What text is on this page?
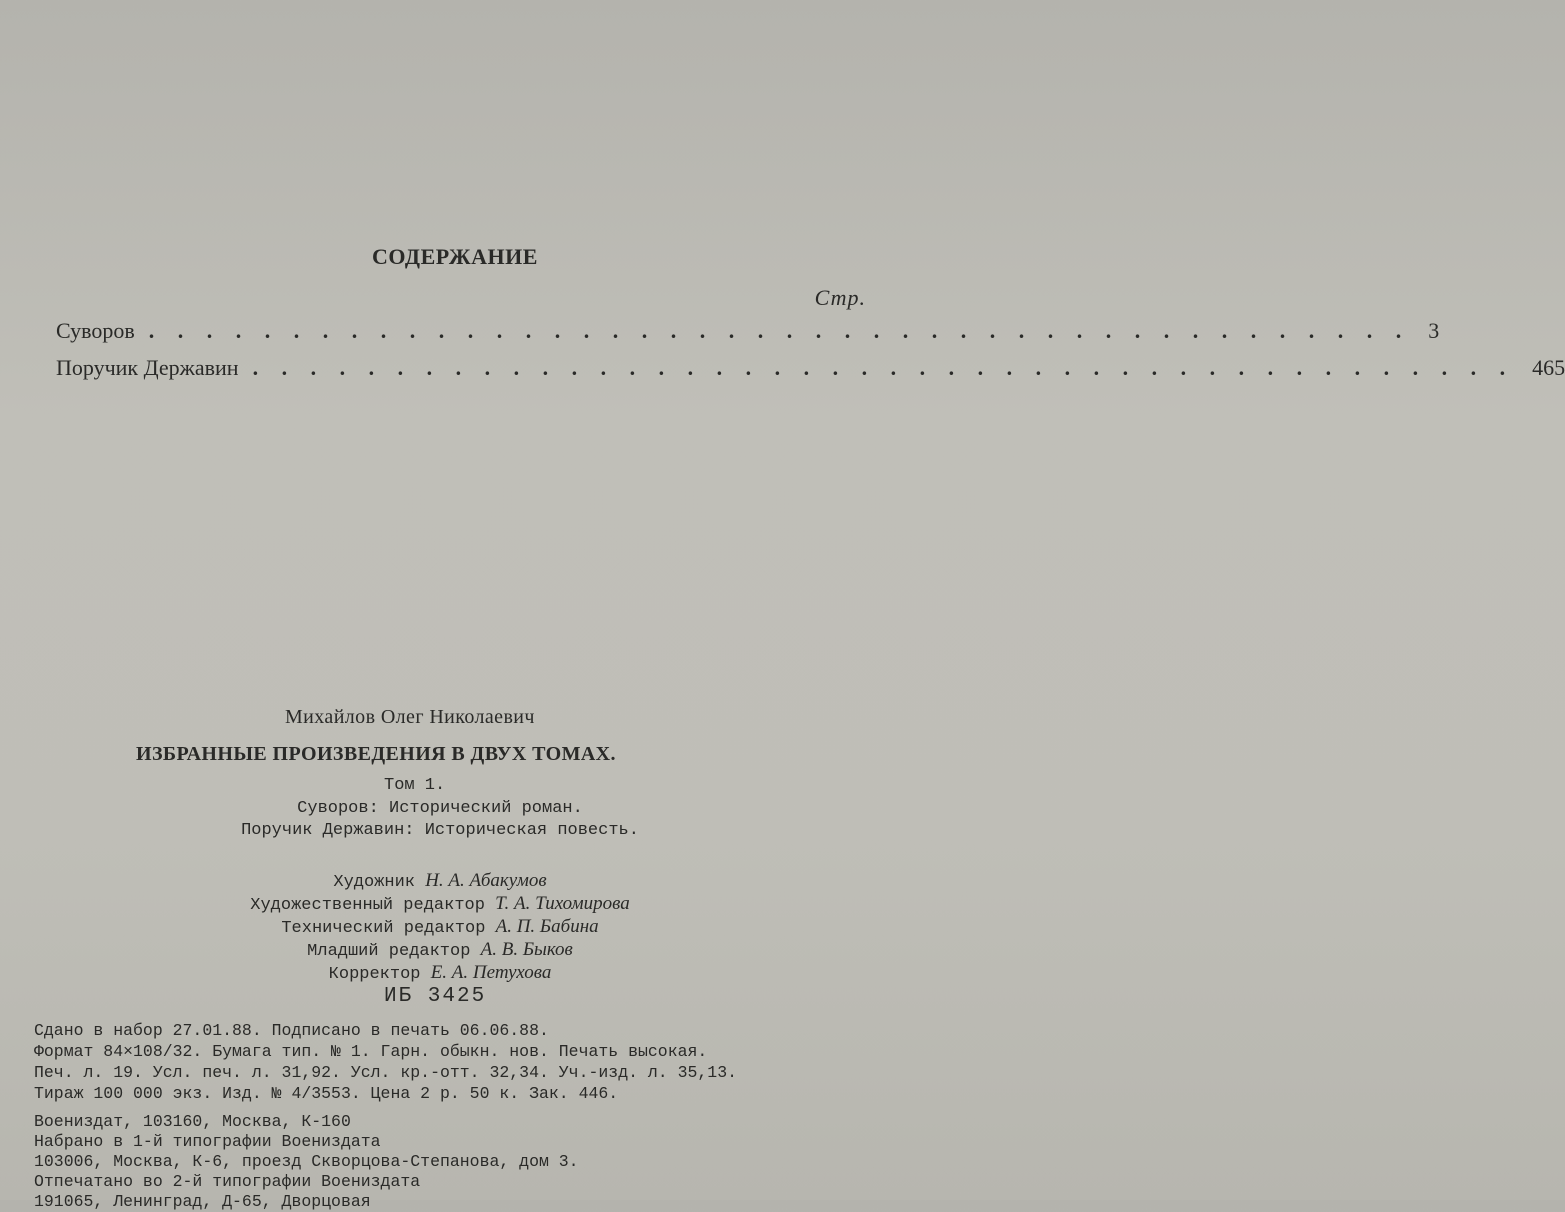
СОДЕРЖАНИЕ
Стр.
Суворов . . . . . . . . . . . . . . . . . . . . . . . . . . . . . . . . . . . . . . . . . . . . 3
Поручик Державин . . . . . . . . . . . . . . . . . . . . . . . . . . . . . . . . . . . . . . . . . . . . 465
Михайлов Олег Николаевич
ИЗБРАННЫЕ ПРОИЗВЕДЕНИЯ В ДВУХ ТОМАХ.
Том 1.
Суворов: Исторический роман.
Поручик Державин: Историческая повесть.
Художник Н. А. Абакумов
Художественный редактор Т. А. Тихомирова
Технический редактор А. П. Бабина
Младший редактор А. В. Быков
Корректор Е. А. Петухова
ИБ 3425
Сдано в набор 27.01.88. Подписано в печать 06.06.88.
Формат 84×108/32. Бумага тип. № 1. Гарн. обыкн. нов. Печать высокая.
Печ. л. 19. Усл. печ. л. 31,92. Усл. кр.-отт. 32,34. Уч.-изд. л. 35,13.
Тираж 100 000 экз. Изд. № 4/3553. Цена 2 р. 50 к. Зак. 446.
Воениздат, 103160, Москва, К-160
Набрано в 1-й типографии Воениздата
103006, Москва, К-6, проезд Скворцова-Степанова, дом 3.
Отпечатано во 2-й типографии Воениздата
191065, Ленинград, Д-65, Дворцовая
